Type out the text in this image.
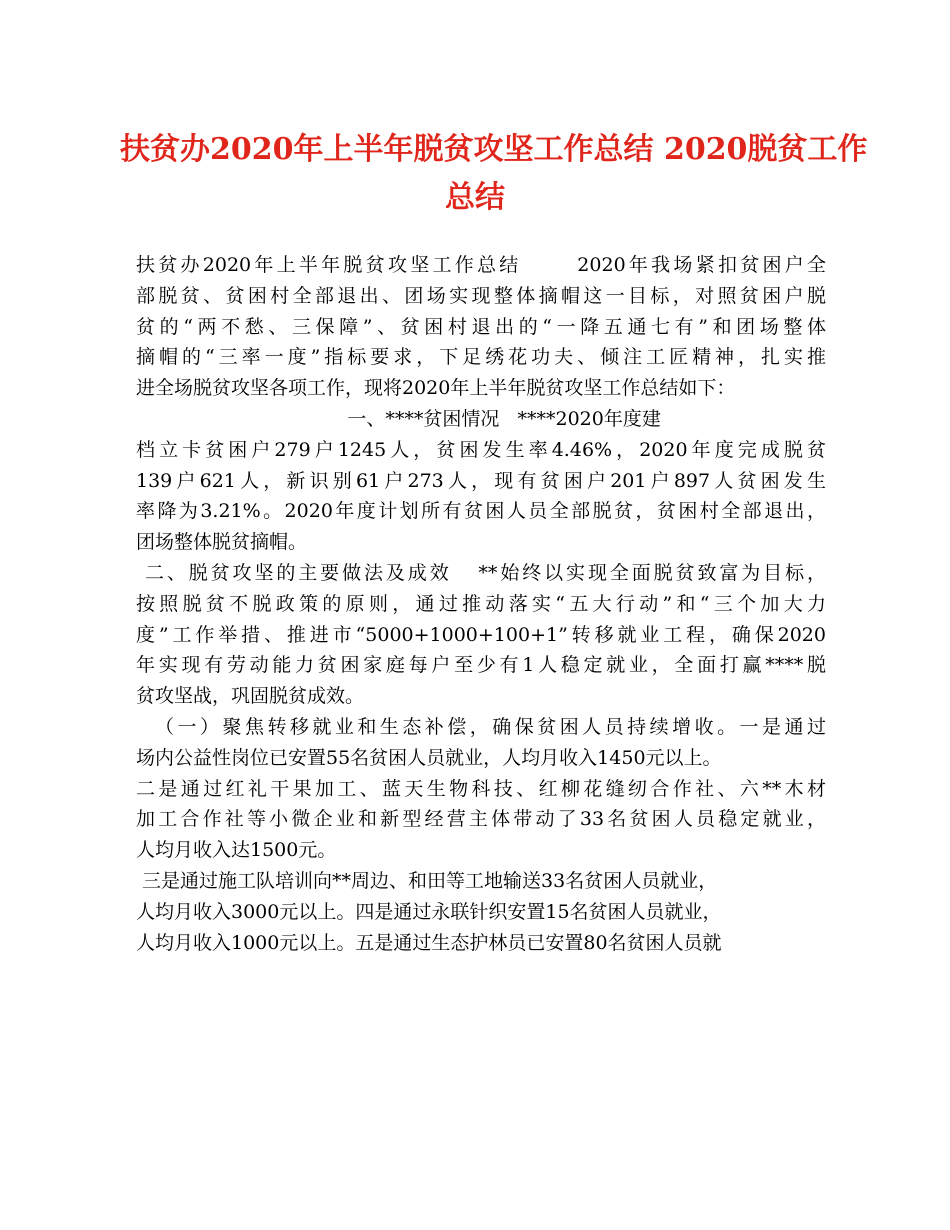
扶贫办2020年上半年脱贫攻坚工作总结 2020脱贫工作
总结
扶贫办2020年上半年脱贫攻坚工作总结      2020年我场紧扣贫困户全
部脱贫、贫困村全部退出、团场实现整体摘帽这一目标，对照贫困户脱
贫的“两不愁、三保障”、贫困村退出的“一降五通七有”和团场整体
摘帽的“三率一度”指标要求，下足绣花功夫、倾注工匠精神，扎实推
进全场脱贫攻坚各项工作，现将2020年上半年脱贫攻坚工作总结如下：
一、****贫困情况   ****2020年度建
档立卡贫困户279户1245人，贫困发生率4.46%，2020年度完成脱贫
139户621人，新识别61户273人，现有贫困户201户897人贫困发生
率降为3.21%。2020年度计划所有贫困人员全部脱贫，贫困村全部退出，
团场整体脱贫摘帽。
二、脱贫攻坚的主要做法及成效   **始终以实现全面脱贫致富为目标，
按照脱贫不脱政策的原则，通过推动落实“五大行动”和“三个加大力
度”工作举措、推进市“5000+1000+100+1”转移就业工程，确保2020
年实现有劳动能力贫困家庭每户至少有1人稳定就业，全面打赢****脱
贫攻坚战，巩固脱贫成效。
（一）聚焦转移就业和生态补偿，确保贫困人员持续增收。一是通过
场内公益性岗位已安置55名贫困人员就业，人均月收入1450元以上。
二是通过红礼干果加工、蓝天生物科技、红柳花缝纫合作社、六**木材
加工合作社等小微企业和新型经营主体带动了33名贫困人员稳定就业，
人均月收入达1500元。
三是通过施工队培训向**周边、和田等工地输送33名贫困人员就业，
人均月收入3000元以上。四是通过永联针织安置15名贫困人员就业，
人均月收入1000元以上。五是通过生态护林员已安置80名贫困人员就
